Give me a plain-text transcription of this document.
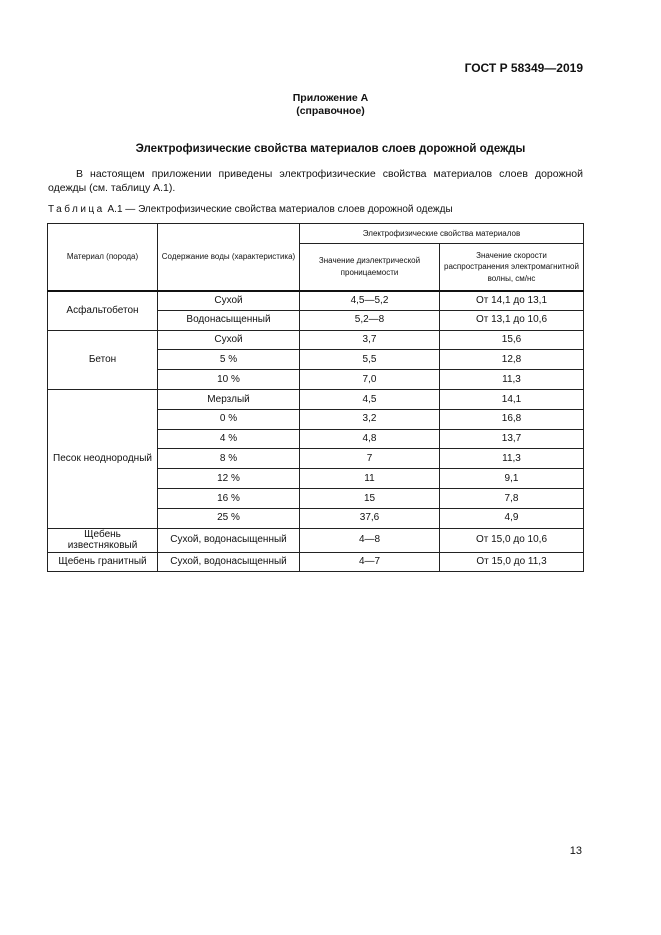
ГОСТ Р 58349—2019
Приложение А
(справочное)
Электрофизические свойства материалов слоев дорожной одежды
В настоящем приложении приведены электрофизические свойства материалов слоев дорожной одежды (см. таблицу А.1).
Таблица А.1 — Электрофизические свойства материалов слоев дорожной одежды
Материал (порода)	Содержание воды (характеристика)	Электрофизические свойства материалов	
		Значение диэлектрической проницаемости	Значение скорости распространения электромагнитной волны, см/нс
Асфальтобетон	Сухой	4,5—5,2	От 14,1 до 13,1
	Водонасыщенный	5,2—8	От 13,1 до 10,6
Бетон	Сухой	3,7	15,6
	5 %	5,5	12,8
	10 %	7,0	11,3
Песок неоднородный	Мерзлый	4,5	14,1
	0 %	3,2	16,8
	4 %	4,8	13,7
	8 %	7	11,3
	12 %	11	9,1
	16 %	15	7,8
	25 %	37,6	4,9
Щебень известняковый	Сухой, водонасыщенный	4—8	От 15,0 до 10,6
Щебень гранитный	Сухой, водонасыщенный	4—7	От 15,0 до 11,3
13
